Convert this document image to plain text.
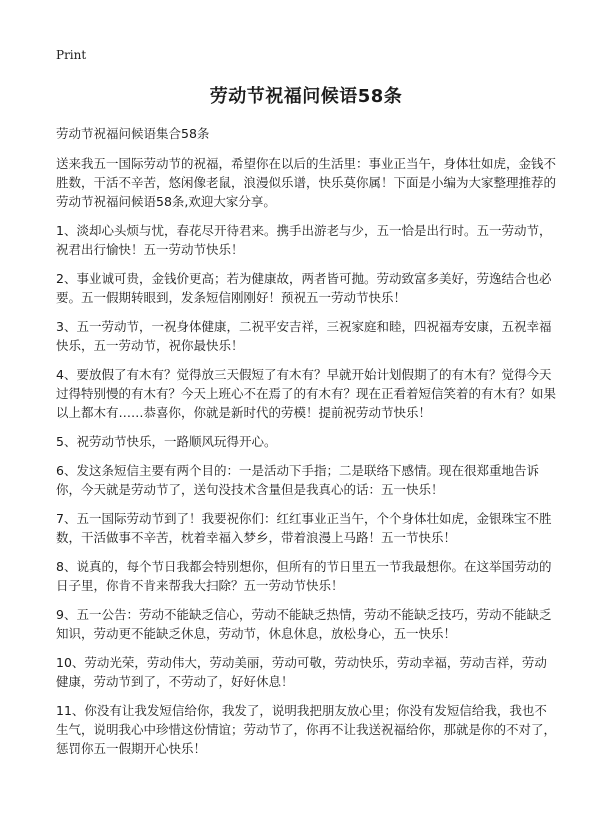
Print
劳动节祝福问候语58条
劳动节祝福问候语集合58条
送来我五一国际劳动节的祝福，希望你在以后的生活里：事业正当午，身体壮如虎，金钱不胜数，干活不辛苦，悠闲像老鼠，浪漫似乐谱，快乐莫你属！下面是小编为大家整理推荐的劳动节祝福问候语58条,欢迎大家分享。
1、淡却心头烦与忧，春花尽开待君来。携手出游老与少，五一恰是出行时。五一劳动节，祝君出行愉快！五一劳动节快乐！
2、事业诚可贵，金钱价更高；若为健康故，两者皆可抛。劳动致富多美好，劳逸结合也必要。五一假期转眼到，发条短信刚刚好！预祝五一劳动节快乐！
3、五一劳动节，一祝身体健康，二祝平安吉祥，三祝家庭和睦，四祝福寿安康，五祝幸福快乐，五一劳动节，祝你最快乐！
4、要放假了有木有？觉得放三天假短了有木有？早就开始计划假期了的有木有？觉得今天过得特别慢的有木有？今天上班心不在焉了的有木有？现在正看着短信笑着的有木有？如果以上都木有……恭喜你，你就是新时代的劳模！提前祝劳动节快乐！
5、祝劳动节快乐，一路顺风玩得开心。
6、发这条短信主要有两个目的：一是活动下手指；二是联络下感情。现在很郑重地告诉你，今天就是劳动节了，送句没技术含量但是我真心的话：五一快乐！
7、五一国际劳动节到了！我要祝你们：红红事业正当午，个个身体壮如虎，金银珠宝不胜数，干活做事不辛苦，枕着幸福入梦乡，带着浪漫上马路！五一节快乐！
8、说真的，每个节日我都会特别想你，但所有的节日里五一节我最想你。在这举国劳动的日子里，你肯不肯来帮我大扫除？五一劳动节快乐！
9、五一公告：劳动不能缺乏信心，劳动不能缺乏热情，劳动不能缺乏技巧，劳动不能缺乏知识，劳动更不能缺乏休息，劳动节，休息休息，放松身心，五一快乐！
10、劳动光荣，劳动伟大，劳动美丽，劳动可敬，劳动快乐，劳动幸福，劳动吉祥，劳动健康，劳动节到了，不劳动了，好好休息！
11、你没有让我发短信给你，我发了，说明我把朋友放心里；你没有发短信给我，我也不生气，说明我心中珍惜这份情谊；劳动节了，你再不让我送祝福给你，那就是你的不对了，惩罚你五一假期开心快乐！
